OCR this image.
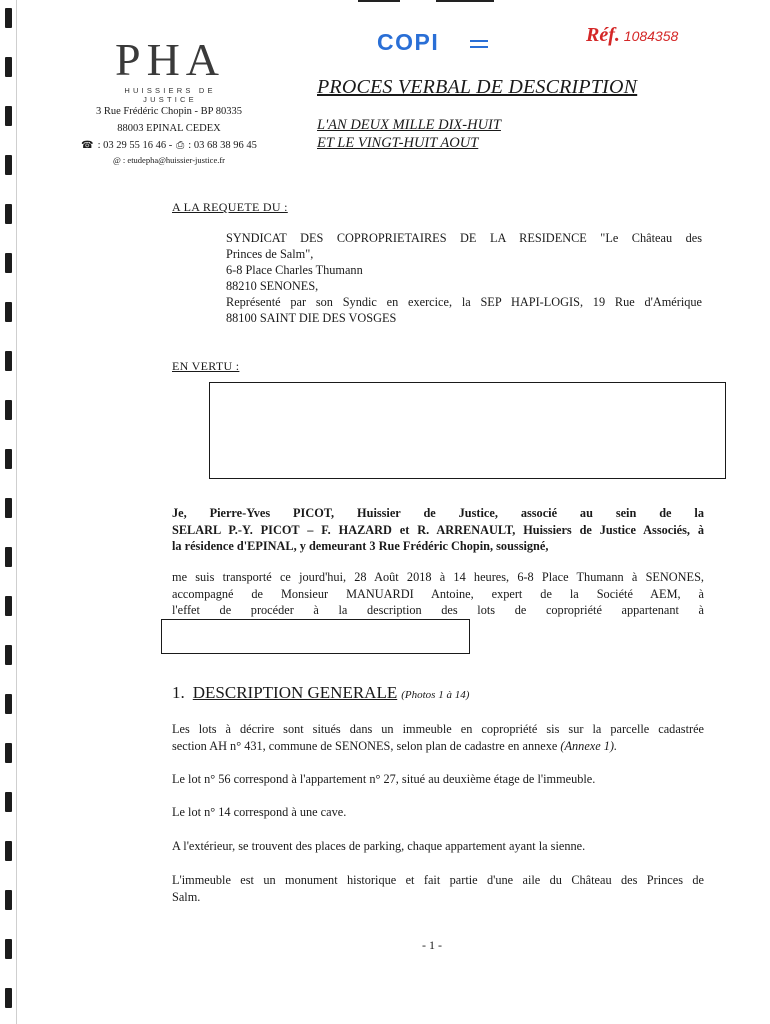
PHA
HUISSIERS DE JUSTICE
3 Rue Frédéric Chopin - BP 80335
88003 EPINAL CEDEX
☎ : 03 29 55 16 46 - ⎙ : 03 68 38 96 45
@ : etudepha@huissier-justice.fr
COPI	Réf. 1084358
PROCES VERBAL DE DESCRIPTION
L'AN DEUX MILLE DIX-HUIT
ET LE VINGT-HUIT AOUT
A LA REQUETE DU :

SYNDICAT DES COPROPRIETAIRES DE LA RESIDENCE "Le Château des

Princes de Salm",

6-8 Place Charles Thumann

88210 SENONES,

Représenté par son Syndic en exercice, la SEP HAPI-LOGIS, 19 Rue d'Amérique

88100 SAINT DIE DES VOSGES

EN VERTU :

Je, Pierre-Yves PICOT, Huissier de Justice, associé au sein de la

SELARL P.-Y. PICOT – F. HAZARD et R. ARRENAULT, Huissiers de Justice Associés, à

la résidence d'EPINAL, y demeurant 3 Rue Frédéric Chopin, soussigné,

me suis transporté ce jourd'hui, 28 Août 2018 à 14 heures, 6-8 Place Thumann à SENONES,

accompagné de Monsieur MANUARDI Antoine, expert de la Société AEM, à

l'effet de procéder à la description des lots de copropriété appartenant à

1. DESCRIPTION GENERALE (Photos 1 à 14)

Les lots à décrire sont situés dans un immeuble en copropriété sis sur la parcelle cadastrée

section AH n° 431, commune de SENONES, selon plan de cadastre en annexe (Annexe 1).

Le lot n° 56 correspond à l'appartement n° 27, situé au deuxième étage de l'immeuble.

Le lot n° 14 correspond à une cave.

A l'extérieur, se trouvent des places de parking, chaque appartement ayant la sienne.

L'immeuble est un monument historique et fait partie d'une aile du Château des Princes de

Salm.

- 1 -
